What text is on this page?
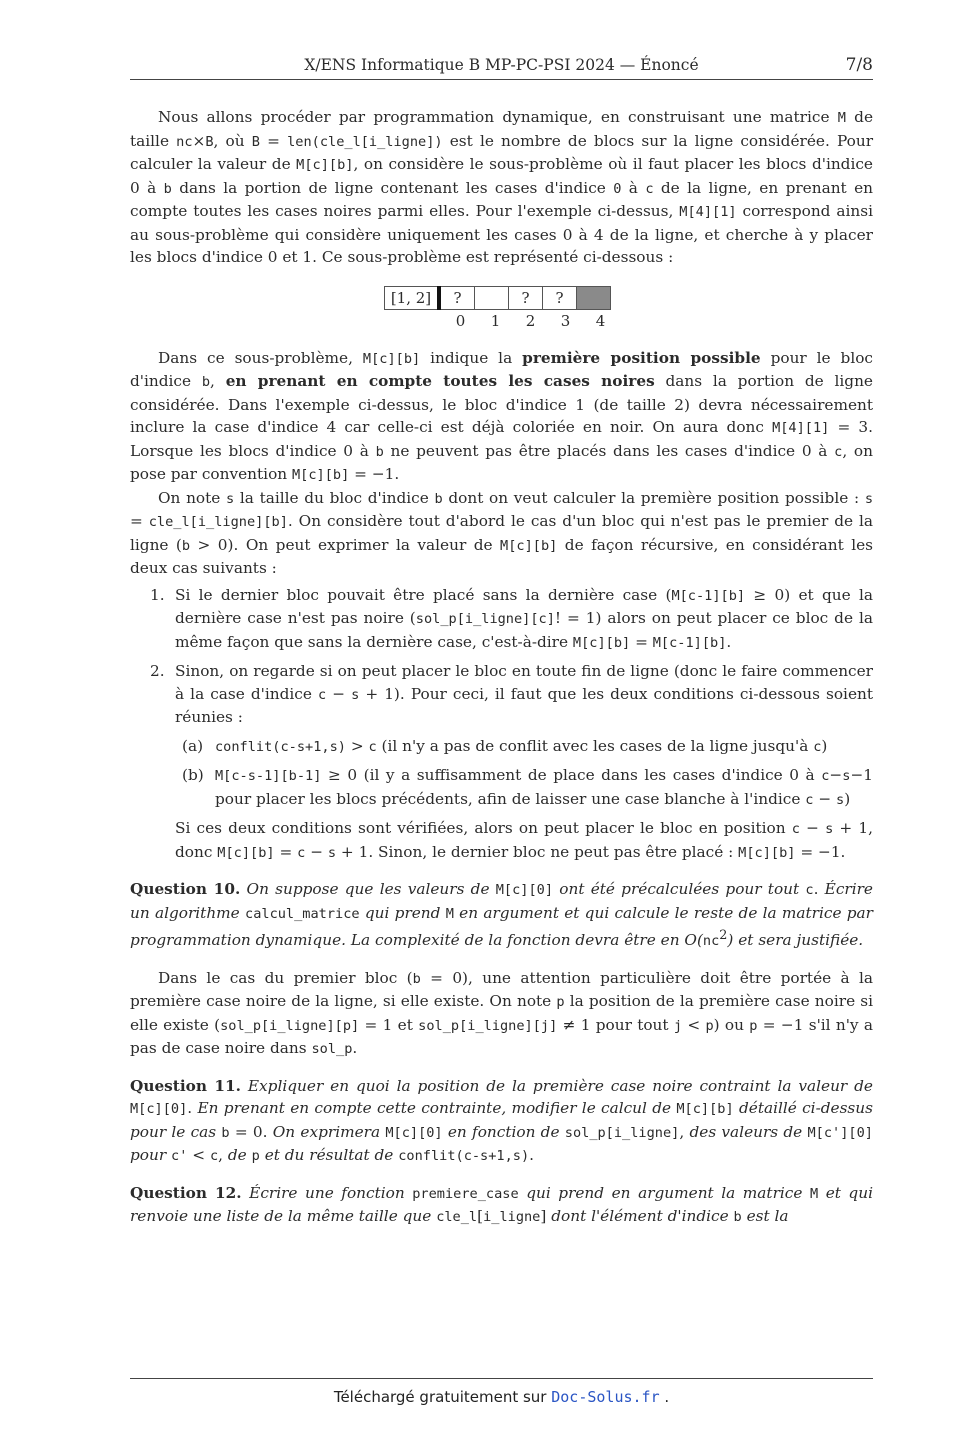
X/ENS Informatique B MP-PC-PSI 2024 — Énoncé	7/8

Nous allons procéder par programmation dynamique, en construisant une matrice M de taille nc×B, où B = len(cle_l[i_ligne]) est le nombre de blocs sur la ligne considérée. Pour calculer la valeur de M[c][b], on considère le sous-problème où il faut placer les blocs d'indice 0 à b dans la portion de ligne contenant les cases d'indice 0 à c de la ligne, en prenant en compte toutes les cases noires parmi elles. Pour l'exemple ci-dessus, M[4][1] correspond ainsi au sous-problème qui considère uniquement les cases 0 à 4 de la ligne, et cherche à y placer les blocs d'indice 0 et 1. Ce sous-problème est représenté ci-dessous :

[1, 2]	?		?	?	
0	1	2	3	4

Dans ce sous-problème, M[c][b] indique la première position possible pour le bloc d'indice b, en prenant en compte toutes les cases noires dans la portion de ligne considérée. Dans l'exemple ci-dessus, le bloc d'indice 1 (de taille 2) devra nécessairement inclure la case d'indice 4 car celle-ci est déjà coloriée en noir. On aura donc M[4][1] = 3. Lorsque les blocs d'indice 0 à b ne peuvent pas être placés dans les cases d'indice 0 à c, on pose par convention M[c][b] = −1.

On note s la taille du bloc d'indice b dont on veut calculer la première position possible : s = cle_l[i_ligne][b]. On considère tout d'abord le cas d'un bloc qui n'est pas le premier de la ligne (b > 0). On peut exprimer la valeur de M[c][b] de façon récursive, en considérant les deux cas suivants :

1. Si le dernier bloc pouvait être placé sans la dernière case (M[c-1][b] ≥ 0) et que la dernière case n'est pas noire (sol_p[i_ligne][c]! = 1) alors on peut placer ce bloc de la même façon que sans la dernière case, c'est-à-dire M[c][b] = M[c-1][b].
2. Sinon, on regarde si on peut placer le bloc en toute fin de ligne (donc le faire commencer à la case d'indice c − s + 1). Pour ceci, il faut que les deux conditions ci-dessous soient réunies :
(a) conflit(c-s+1,s) > c (il n'y a pas de conflit avec les cases de la ligne jusqu'à c)
(b) M[c-s-1][b-1] ≥ 0 (il y a suffisamment de place dans les cases d'indice 0 à c−s−1 pour placer les blocs précédents, afin de laisser une case blanche à l'indice c − s)
Si ces deux conditions sont vérifiées, alors on peut placer le bloc en position c − s + 1, donc M[c][b] = c − s + 1. Sinon, le dernier bloc ne peut pas être placé : M[c][b] = −1.

Question 10. On suppose que les valeurs de M[c][0] ont été précalculées pour tout c. Écrire un algorithme calcul_matrice qui prend M en argument et qui calcule le reste de la matrice par programmation dynamique. La complexité de la fonction devra être en $O(nc^2)$ et sera justifiée.

Dans le cas du premier bloc (b = 0), une attention particulière doit être portée à la première case noire de la ligne, si elle existe. On note p la position de la première case noire si elle existe (sol_p[i_ligne][p] = 1 et sol_p[i_ligne][j] ≠ 1 pour tout j < p) ou p = −1 s'il n'y a pas de case noire dans sol_p.

Question 11. Expliquer en quoi la position de la première case noire contraint la valeur de M[c][0]. En prenant en compte cette contrainte, modifier le calcul de M[c][b] détaillé ci-dessus pour le cas b = 0. On exprimera M[c][0] en fonction de sol_p[i_ligne], des valeurs de M[c'][0] pour c' < c, de p et du résultat de conflit(c-s+1,s).

Question 12. Écrire une fonction premiere_case qui prend en argument la matrice M et qui renvoie une liste de la même taille que cle_l[i_ligne] dont l'élément d'indice b est la

Téléchargé gratuitement sur Doc-Solus.fr .
